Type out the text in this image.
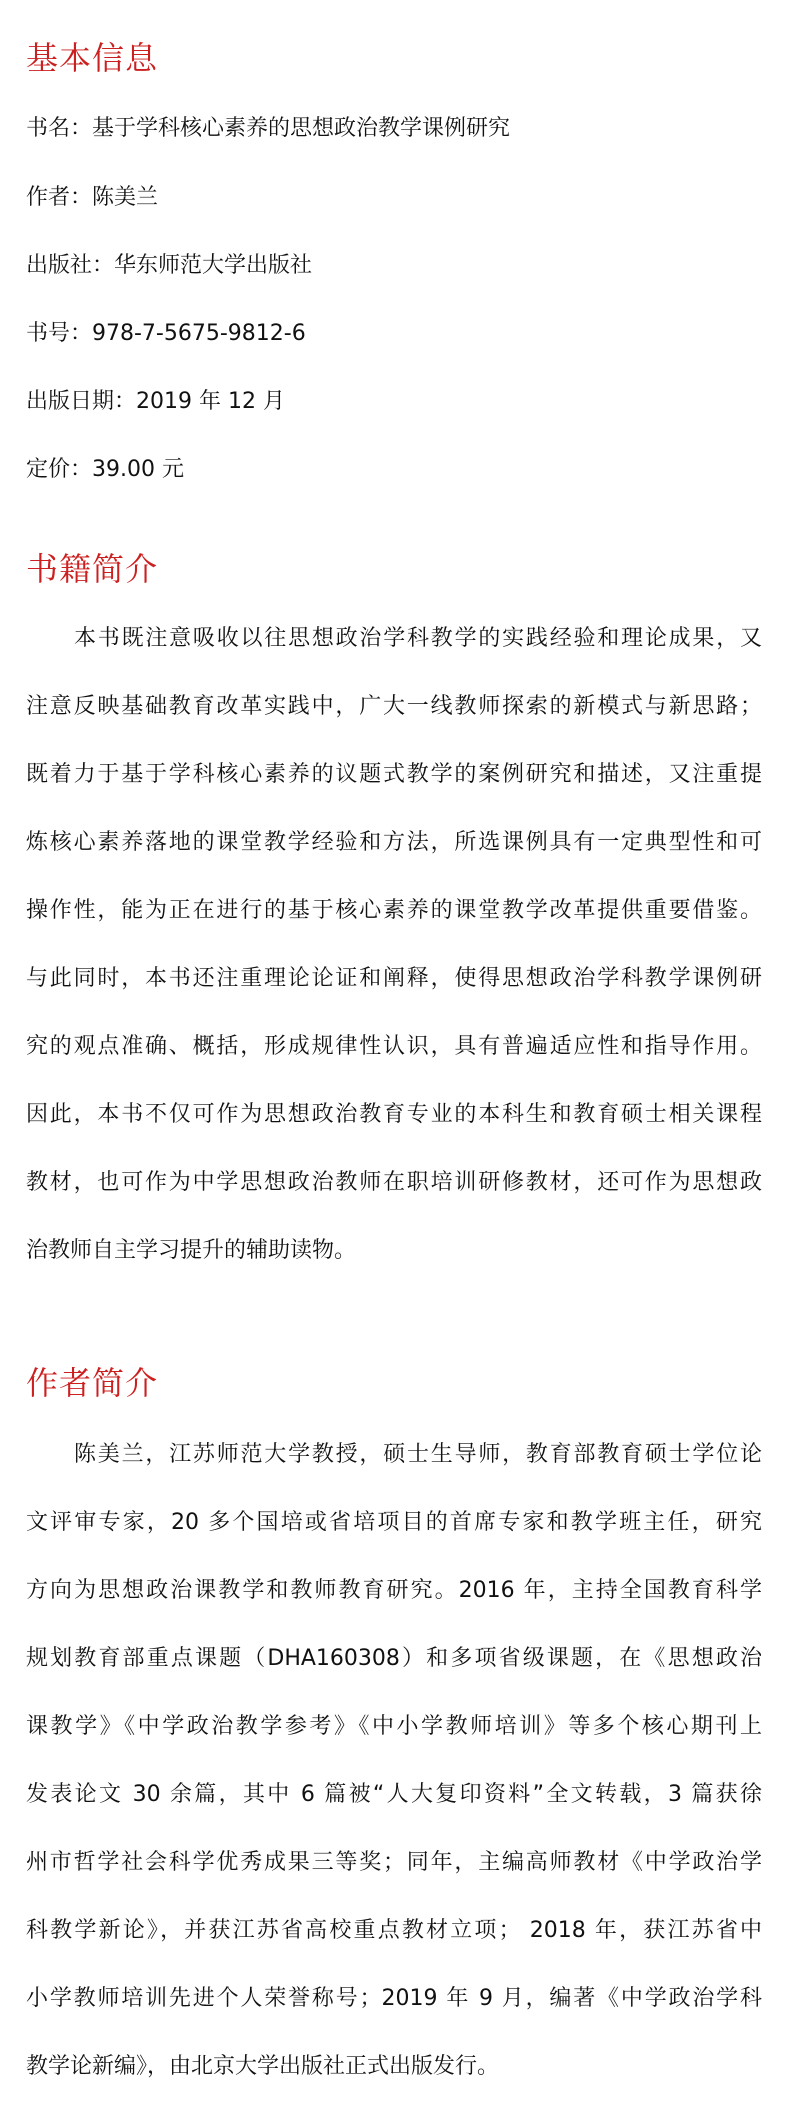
基本信息

书名：基于学科核心素养的思想政治教学课例研究

作者：陈美兰

出版社：华东师范大学出版社

书号：978-7-5675-9812-6

出版日期：2019 年 12 月

定价：39.00 元

书籍简介

本书既注意吸收以往思想政治学科教学的实践经验和理论成果，又

注意反映基础教育改革实践中，广大一线教师探索的新模式与新思路；

既着力于基于学科核心素养的议题式教学的案例研究和描述，又注重提

炼核心素养落地的课堂教学经验和方法，所选课例具有一定典型性和可

操作性，能为正在进行的基于核心素养的课堂教学改革提供重要借鉴。

与此同时，本书还注重理论论证和阐释，使得思想政治学科教学课例研

究的观点准确、概括，形成规律性认识，具有普遍适应性和指导作用。

因此，本书不仅可作为思想政治教育专业的本科生和教育硕士相关课程

教材，也可作为中学思想政治教师在职培训研修教材，还可作为思想政

治教师自主学习提升的辅助读物。

作者简介

陈美兰，江苏师范大学教授，硕士生导师，教育部教育硕士学位论

文评审专家，20 多个国培或省培项目的首席专家和教学班主任，研究

方向为思想政治课教学和教师教育研究。2016 年，主持全国教育科学

规划教育部重点课题（DHA160308）和多项省级课题，在《思想政治

课教学》《中学政治教学参考》《中小学教师培训》等多个核心期刊上

发表论文 30 余篇，其中 6 篇被“人大复印资料”全文转载，3 篇获徐

州市哲学社会科学优秀成果三等奖；同年，主编高师教材《中学政治学

科教学新论》，并获江苏省高校重点教材立项； 2018 年，获江苏省中

小学教师培训先进个人荣誉称号；2019 年 9 月，编著《中学政治学科

教学论新编》，由北京大学出版社正式出版发行。
